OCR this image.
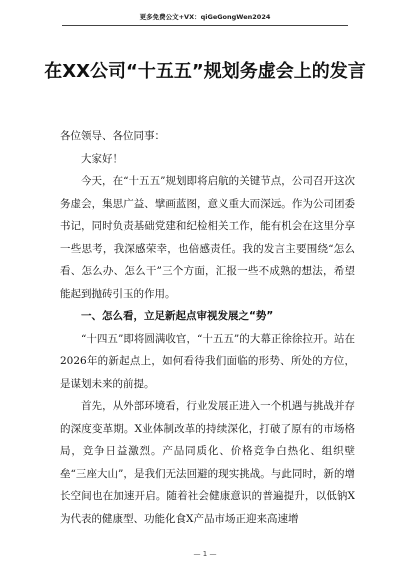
更多免费公文+VX：qiGeGongWen2024
在XX公司“十五五”规划务虚会上的发言

各位领导、各位同事：

大家好！

今天，在“十五五”规划即将启航的关键节点，公司召开这次务虚会，集思广益、擘画蓝图，意义重大而深远。作为公司团委书记，同时负责基础党建和纪检相关工作，能有机会在这里分享一些思考，我深感荣幸，也倍感责任。我的发言主要围绕“怎么看、怎么办、怎么干”三个方面，汇报一些不成熟的想法，希望能起到抛砖引玉的作用。

一、怎么看，立足新起点审视发展之“势”

“十四五”即将圆满收官，“十五五”的大幕正徐徐拉开。站在2026年的新起点上，如何看待我们面临的形势、所处的方位，是谋划未来的前提。

首先，从外部环境看，行业发展正进入一个机遇与挑战并存的深度变革期。X业体制改革的持续深化，打破了原有的市场格局，竞争日益激烈。产品同质化、价格竞争白热化、组织壁垒“三座大山”，是我们无法回避的现实挑战。与此同时，新的增长空间也在加速开启。随着社会健康意识的普遍提升，以低钠X为代表的健康型、功能化食X产品市场正迎来高速增

— 1 —
